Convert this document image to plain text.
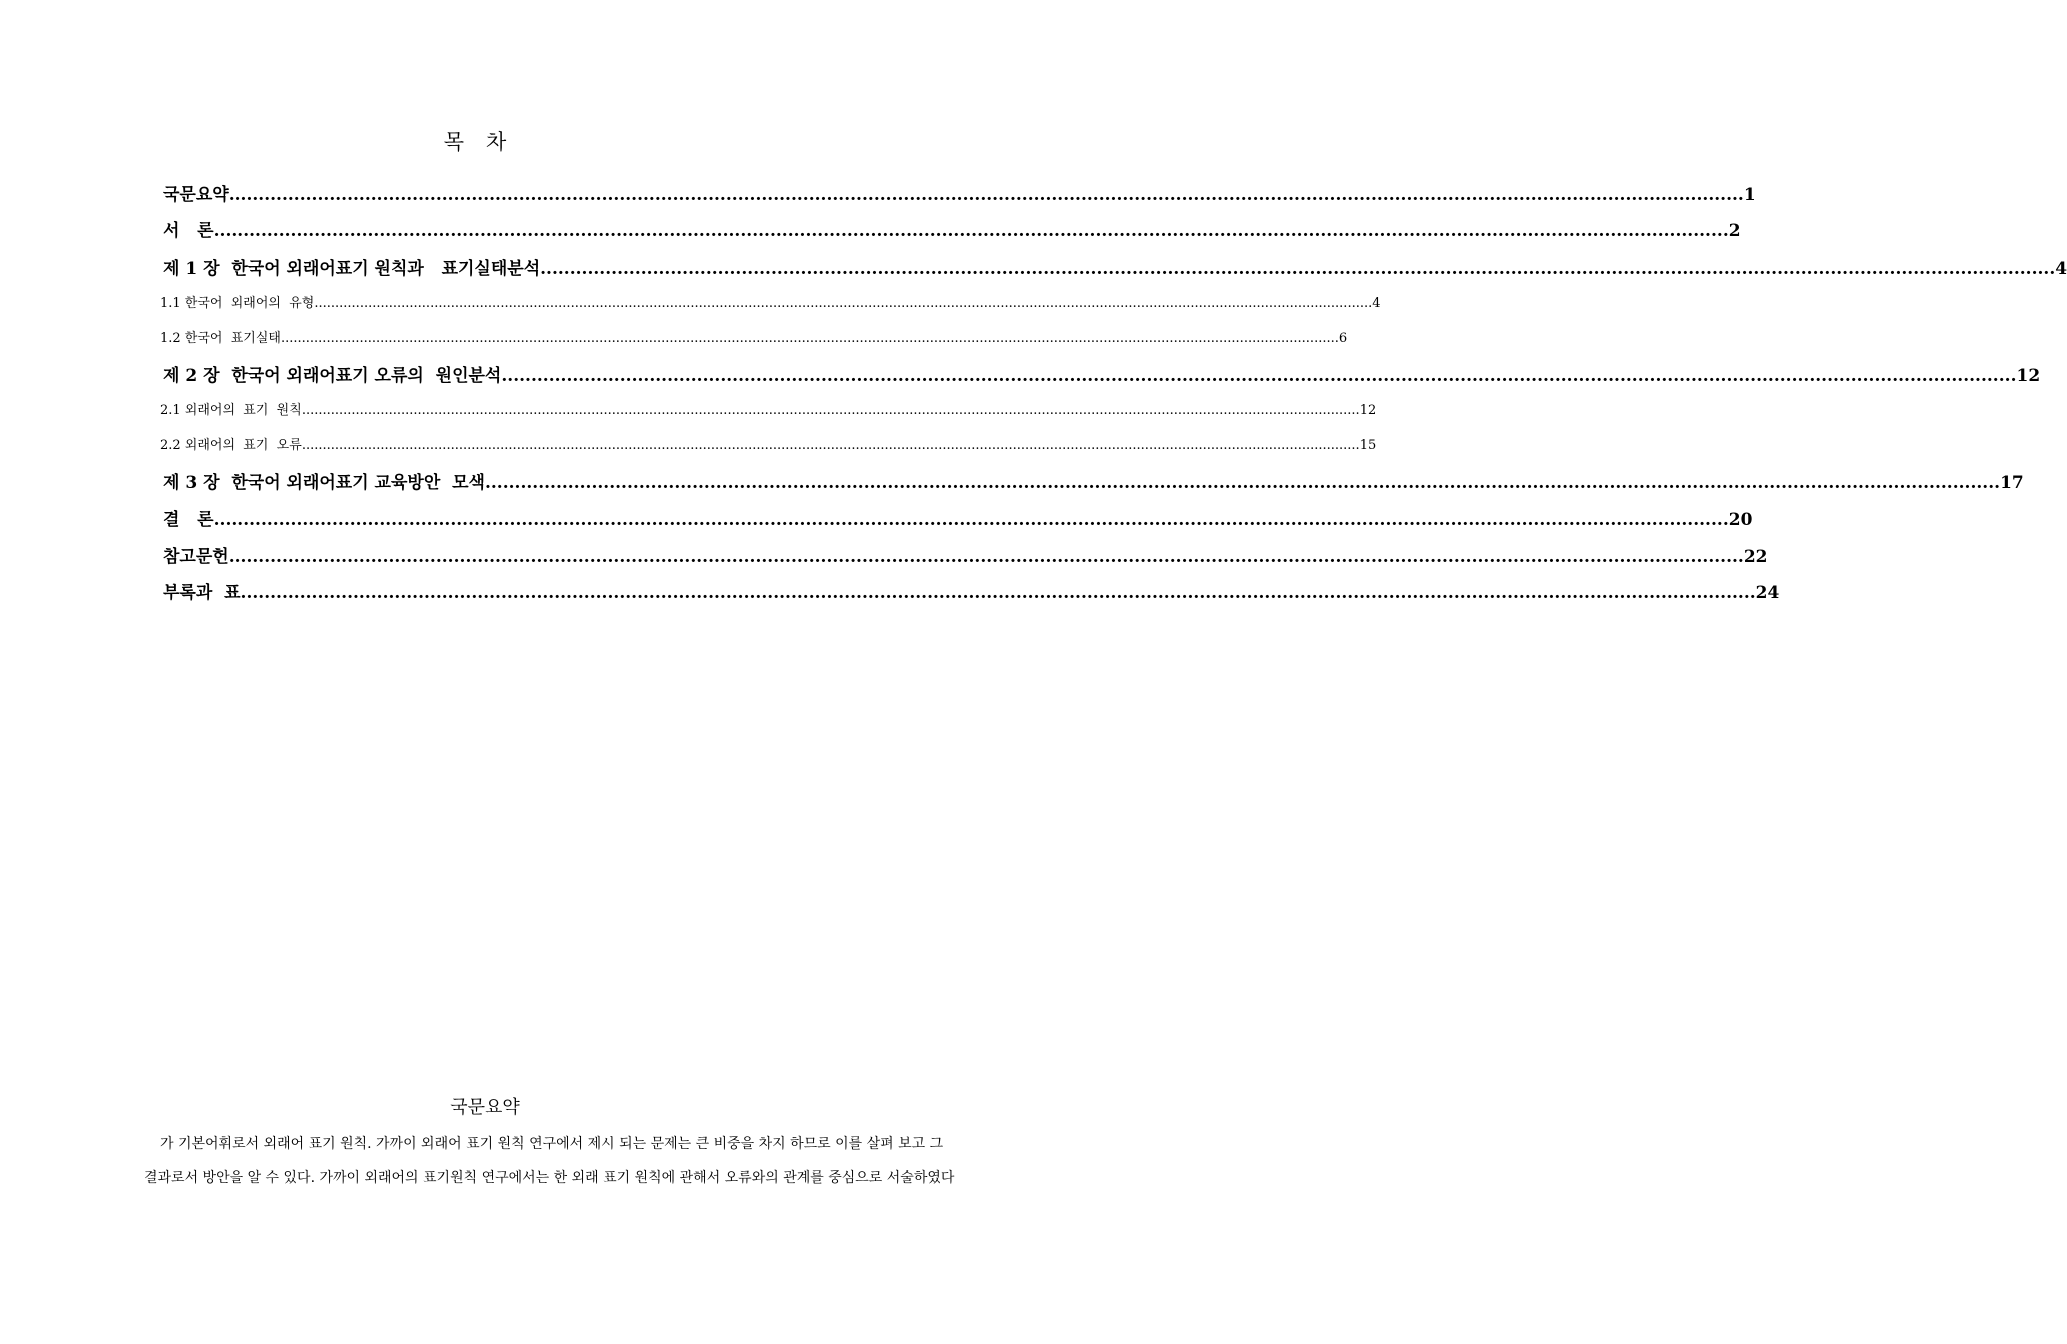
목 차
국문요약 .....	1
서   론 .....	2
제 1 장  한국어 외래어표기 원칙과   표기실태분석 .....	4
1.1 한국어  외래어의  유형 .....	4
1.2 한국어  표기실태 .....	6
제 2 장  한국어 외래어표기 오류의  원인분석 .....	12
2.1 외래어의  표기  원칙 .....	12
2.2 외래어의  표기  오류 .....	15
제 3 장  한국어 외래어표기 교육방안  모색 .....	17
결   론 .....	20
참고문헌 .....	22
부록과  표 .....	24
국문요약
가 기본어휘로서 외래어 표기 원칙. 가까이 외래어 표기 원칙 연구에서 제시 되는 문제는 큰 비중을 차지 하므로 이를 살펴 보고 그
결과로서 방안을 알 수 있다. 가까이 외래어의 표기원칙 연구에서는 한 외래 표기 원칙에 관해서 오류와의 관계를 중심으로 서술하였다
